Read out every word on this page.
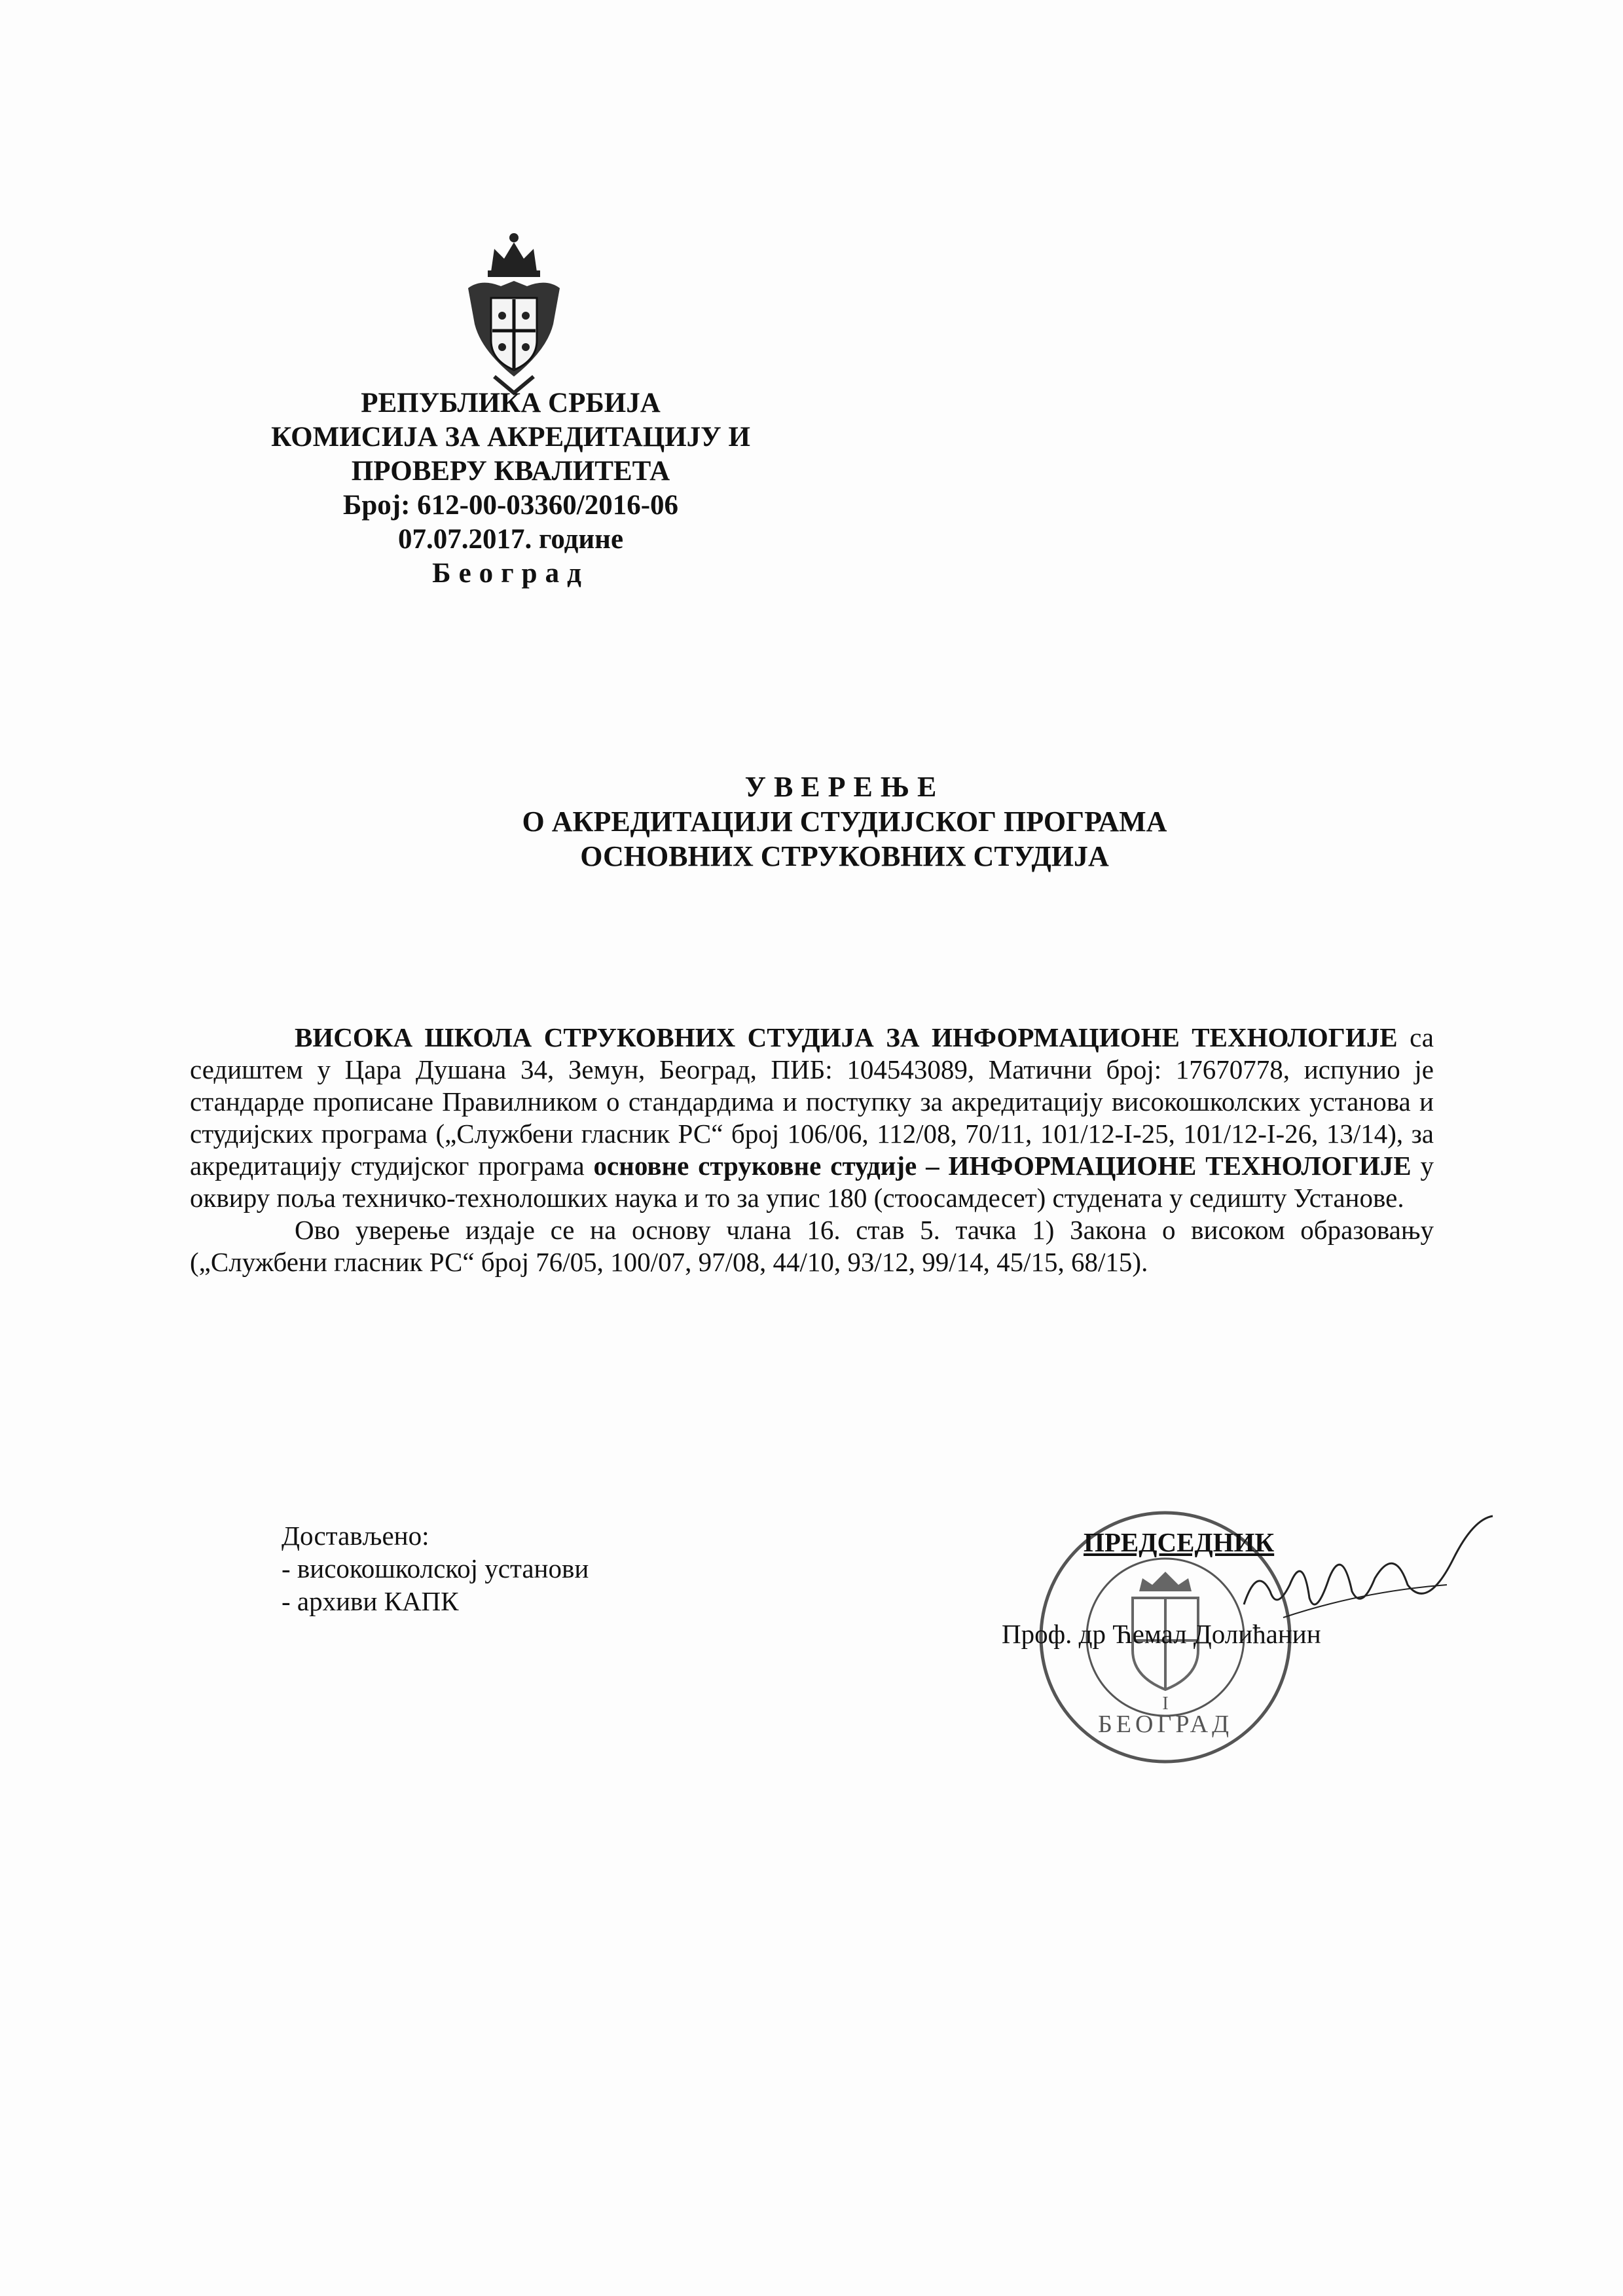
РЕПУБЛИКА СРБИЈА
КОМИСИЈА ЗА АКРЕДИТАЦИЈУ И
ПРОВЕРУ КВАЛИТЕТА
Број: 612-00-03360/2016-06
07.07.2017. године
Београд
УВЕРЕЊЕ
О АКРЕДИТАЦИЈИ СТУДИЈСКОГ ПРОГРАМА
ОСНОВНИХ СТРУКОВНИХ СТУДИЈА

ВИСОКА ШКОЛА СТРУКОВНИХ СТУДИЈА ЗА ИНФОРМАЦИОНЕ ТЕХНОЛОГИЈЕ са седиштем у Цара Душана 34, Земун, Београд, ПИБ: 104543089, Матични број: 17670778, испунио је стандарде прописане Правилником о стандардима и поступку за акредитацију високошколских установа и студијских програма („Службени гласник РС“ број 106/06, 112/08, 70/11, 101/12-I-25, 101/12-I-26, 13/14), за акредитацију студијског програма основне струковне студије – ИНФОРМАЦИОНЕ ТЕХНОЛОГИЈЕ у оквиру поља техничко-технолошких наука и то за упис 180 (стоосамдесет) студената у седишту Установе.

Ово уверење издаје се на основу члана 16. став 5. тачка 1) Закона о високом образовању („Службени гласник РС“ број 76/05, 100/07, 97/08, 44/10, 93/12, 99/14, 45/15, 68/15).

Достављено:
- високошколској установи
- архиви КАПК
БЕОГРАД
I
ПРЕДСЕДНИК
Проф. др Ћемал Долићанин
